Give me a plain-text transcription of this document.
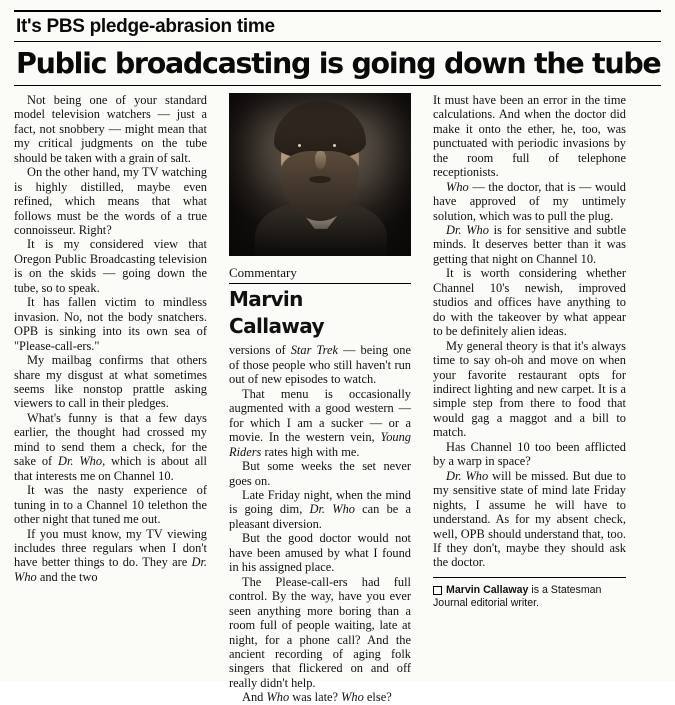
It's PBS pledge-abrasion time
Public broadcasting is going down the tube

Not being one of your standard model television watchers — just a fact, not snobbery — might mean that my critical judgments on the tube should be taken with a grain of salt.

On the other hand, my TV watching is highly distilled, maybe even refined, which means that what follows must be the words of a true connoisseur. Right?

It is my considered view that Oregon Public Broadcasting television is on the skids — going down the tube, so to speak.

It has fallen victim to mindless invasion. No, not the body snatchers. OPB is sinking into its own sea of "Please-call-ers."

My mailbag confirms that others share my disgust at what sometimes seems like nonstop prattle asking viewers to call in their pledges.

What's funny is that a few days earlier, the thought had crossed my mind to send them a check, for the sake of Dr. Who, which is about all that interests me on Channel 10.

It was the nasty experience of tuning in to a Channel 10 telethon the other night that tuned me out.

If you must know, my TV viewing includes three regulars when I don't have better things to do. They are Dr. Who and the two

Commentary
Marvin
Callaway

versions of Star Trek — being one of those people who still haven't run out of new episodes to watch.

That menu is occasionally augmented with a good western — for which I am a sucker — or a movie. In the western vein, Young Riders rates high with me.

But some weeks the set never goes on.

Late Friday night, when the mind is going dim, Dr. Who can be a pleasant diversion.

But the good doctor would not have been amused by what I found in his assigned place.

The Please-call-ers had full control. By the way, have you ever seen anything more boring than a room full of people waiting, late at night, for a phone call? And the ancient recording of aging folk singers that flickered on and off really didn't help.

And Who was late? Who else?

It must have been an error in the time calculations. And when the doctor did make it onto the ether, he, too, was punctuated with periodic invasions by the room full of telephone receptionists.

Who — the doctor, that is — would have approved of my untimely solution, which was to pull the plug.

Dr. Who is for sensitive and subtle minds. It deserves better than it was getting that night on Channel 10.

It is worth considering whether Channel 10's newish, improved studios and offices have anything to do with the takeover by what appear to be definitely alien ideas.

My general theory is that it's always time to say oh-oh and move on when your favorite restaurant opts for indirect lighting and new carpet. It is a simple step from there to food that would gag a maggot and a bill to match.

Has Channel 10 too been afflicted by a warp in space?

Dr. Who will be missed. But due to my sensitive state of mind late Friday nights, I assume he will have to understand. As for my absent check, well, OPB should understand that, too. If they don't, maybe they should ask the doctor.

Marvin Callaway is a Statesman Journal editorial writer.
